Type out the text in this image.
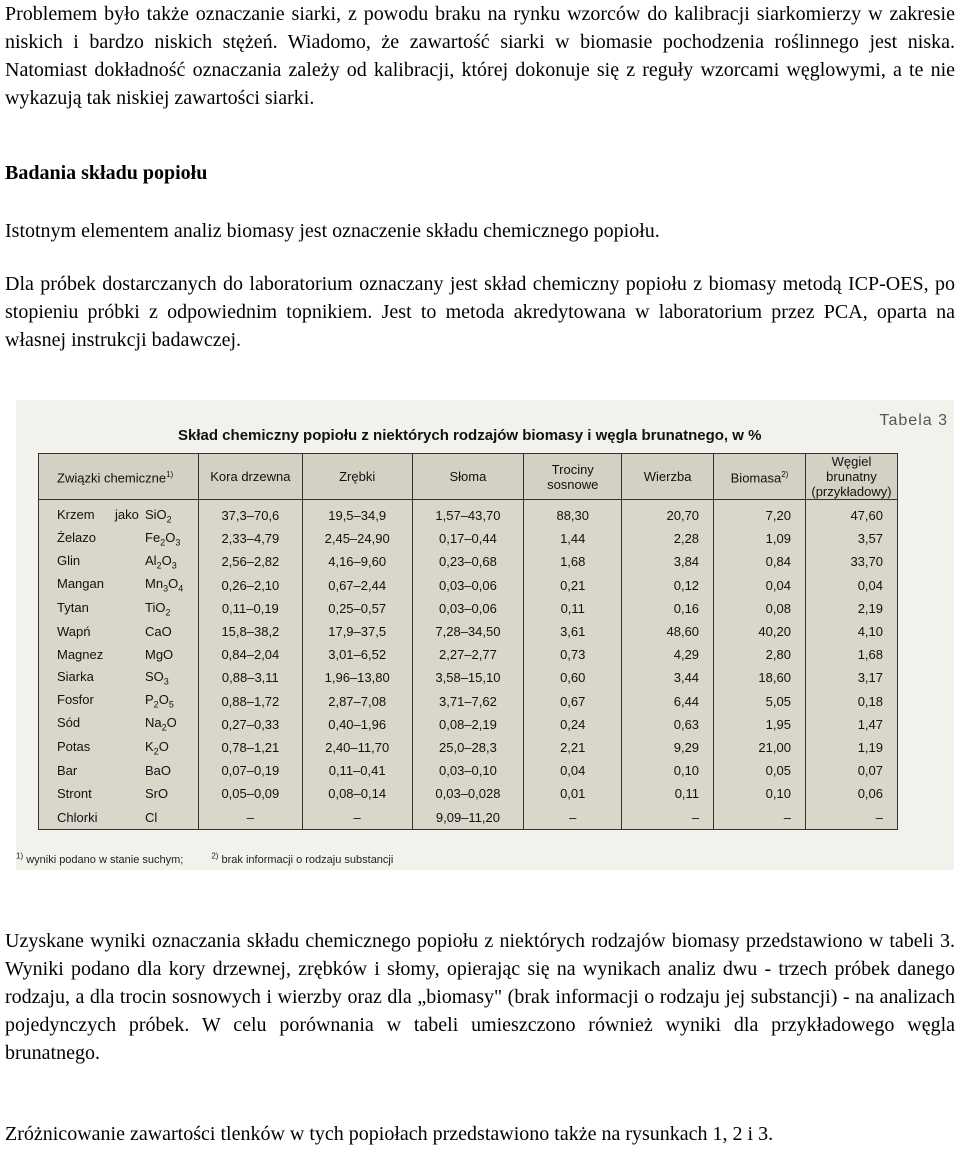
Problemem było także oznaczanie siarki, z powodu braku na rynku wzorców do kalibracji siarkomierzy w zakresie niskich i bardzo niskich stężeń. Wiadomo, że zawartość siarki w biomasie pochodzenia roślinnego jest niska. Natomiast dokładność oznaczania zależy od kalibracji, której dokonuje się z reguły wzorcami węglowymi, a te nie wykazują tak niskiej zawartości siarki.

Badania składu popiołu

Istotnym elementem analiz biomasy jest oznaczenie składu chemicznego popiołu.

Dla próbek dostarczanych do laboratorium oznaczany jest skład chemiczny popiołu z biomasy metodą ICP-OES, po stopieniu próbki z odpowiednim topnikiem. Jest to metoda akredytowana w laboratorium przez PCA, oparta na własnej instrukcji badawczej.

Tabela 3
Skład chemiczny popiołu z niektórych rodzajów biomasy i węgla brunatnego, w %
Związki chemiczne$^{1)}$	Kora drzewna	Zrębki	Słoma	Trociny sosnowe	Wierzba	Biomasa$^{2)}$	Węgiel brunatny
(przykładowy)

Krzem jako SiO$_2$	37,3–70,6	19,5–34,9	1,57–43,70	88,30	20,70	7,20	47,60

Żelazo $Fe_2O_3$	2,33–4,79	2,45–24,90	0,17–0,44	1,44	2,28	1,09	3,57

Glin $Al_2O_3$	2,56–2,82	4,16–9,60	0,23–0,68	1,68	3,84	0,84	33,70

Mangan $Mn_3O_4$	0,26–2,10	0,67–2,44	0,03–0,06	0,21	0,12	0,04	0,04

Tytan TiO$_2$	0,11–0,19	0,25–0,57	0,03–0,06	0,11	0,16	0,08	2,19

Wapń CaO	15,8–38,2	17,9–37,5	7,28–34,50	3,61	48,60	40,20	4,10

Magnez MgO	0,84–2,04	3,01–6,52	2,27–2,77	0,73	4,29	2,80	1,68

Siarka $SO_3$	0,88–3,11	1,96–13,80	3,58–15,10	0,60	3,44	18,60	3,17

Fosfor $P_2O_5$	0,88–1,72	2,87–7,08	3,71–7,62	0,67	6,44	5,05	0,18

Sód $Na_2O$	0,27–0,33	0,40–1,96	0,08–2,19	0,24	0,63	1,95	1,47

Potas $K_2O$	0,78–1,21	2,40–11,70	25,0–28,3	2,21	9,29	21,00	1,19

Bar BaO	0,07–0,19	0,11–0,41	0,03–0,10	0,04	0,10	0,05	0,07

Stront SrO	0,05–0,09	0,08–0,14	0,03–0,028	0,01	0,11	0,10	0,06

Chlorki Cl	–	–	9,09–11,20	–	–	–	–
$^{1)}$ wyniki podano w stanie suchym;	$^{2)}$ brak informacji o rodzaju substancji

Uzyskane wyniki oznaczania składu chemicznego popiołu z niektórych rodzajów biomasy przedstawiono w tabeli 3. Wyniki podano dla kory drzewnej, zrębków i słomy, opierając się na wynikach analiz dwu - trzech próbek danego rodzaju, a dla trocin sosnowych i wierzby oraz dla „biomasy" (brak informacji o rodzaju jej substancji) - na analizach pojedynczych próbek. W celu porównania w tabeli umieszczono również wyniki dla przykładowego węgla brunatnego.

Zróżnicowanie zawartości tlenków w tych popiołach przedstawiono także na rysunkach 1, 2 i 3.
